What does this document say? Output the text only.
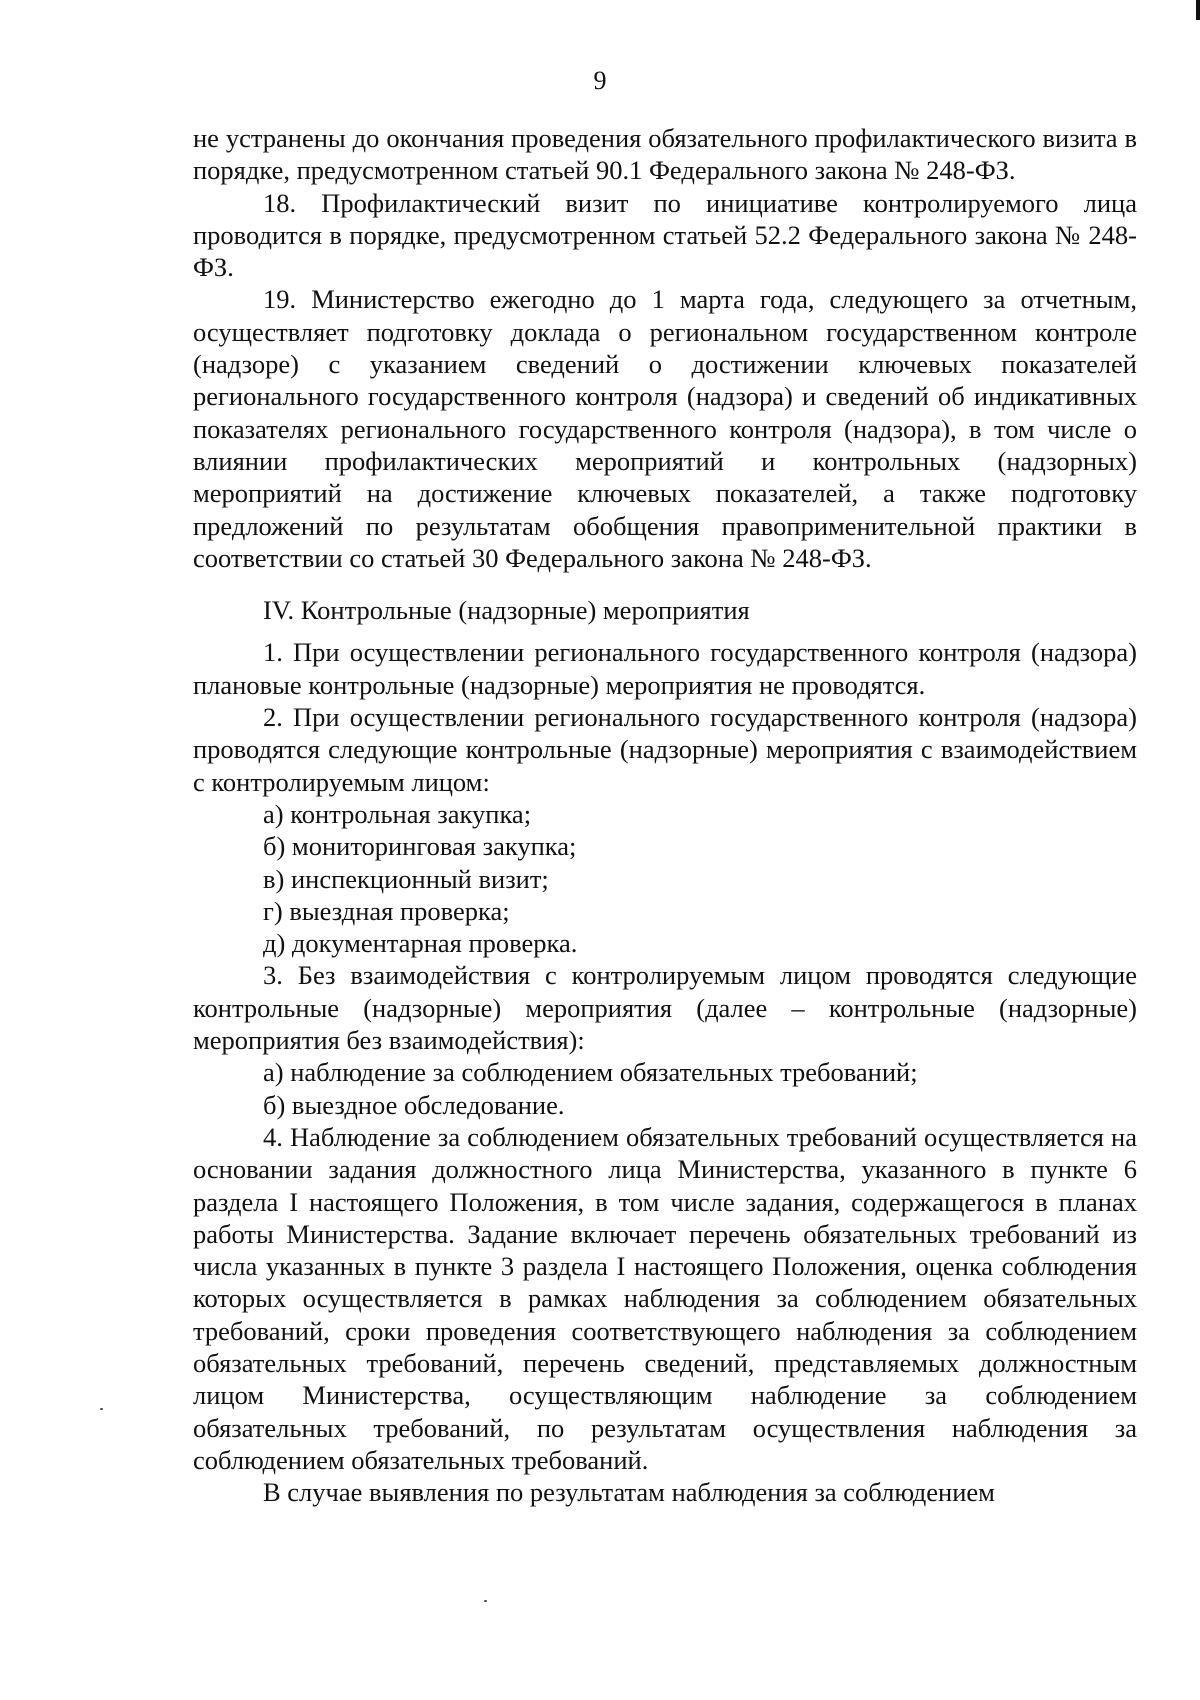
9

не устранены до окончания проведения обязательного профилактического визита в порядке, предусмотренном статьей 90.1 Федерального закона № 248-ФЗ.

18. Профилактический визит по инициативе контролируемого лица проводится в порядке, предусмотренном статьей 52.2 Федерального закона № 248-ФЗ.

19. Министерство ежегодно до 1 марта года, следующего за отчетным, осуществляет подготовку доклада о региональном государственном контроле (надзоре) с указанием сведений о достижении ключевых показателей регионального государственного контроля (надзора) и сведений об индикативных показателях регионального государственного контроля (надзора), в том числе о влиянии профилактических мероприятий и контрольных (надзорных) мероприятий на достижение ключевых показателей, а также подготовку предложений по результатам обобщения правоприменительной практики в соответствии со статьей 30 Федерального закона № 248-ФЗ.

IV. Контрольные (надзорные) мероприятия

1. При осуществлении регионального государственного контроля (надзора) плановые контрольные (надзорные) мероприятия не проводятся.

2. При осуществлении регионального государственного контроля (надзора) проводятся следующие контрольные (надзорные) мероприятия с взаимодействием с контролируемым лицом:

а) контрольная закупка;

б) мониторинговая закупка;

в) инспекционный визит;

г) выездная проверка;

д) документарная проверка.

3. Без взаимодействия с контролируемым лицом проводятся следующие контрольные (надзорные) мероприятия (далее – контрольные (надзорные) мероприятия без взаимодействия):

а) наблюдение за соблюдением обязательных требований;

б) выездное обследование.

4. Наблюдение за соблюдением обязательных требований осуществляется на основании задания должностного лица Министерства, указанного в пункте 6 раздела I настоящего Положения, в том числе задания, содержащегося в планах работы Министерства. Задание включает перечень обязательных требований из числа указанных в пункте 3 раздела I настоящего Положения, оценка соблюдения которых осуществляется в рамках наблюдения за соблюдением обязательных требований, сроки проведения соответствующего наблюдения за соблюдением обязательных требований, перечень сведений, представляемых должностным лицом Министерства, осуществляющим наблюдение за соблюдением обязательных требований, по результатам осуществления наблюдения за соблюдением обязательных требований.

В случае выявления по результатам наблюдения за соблюдением
